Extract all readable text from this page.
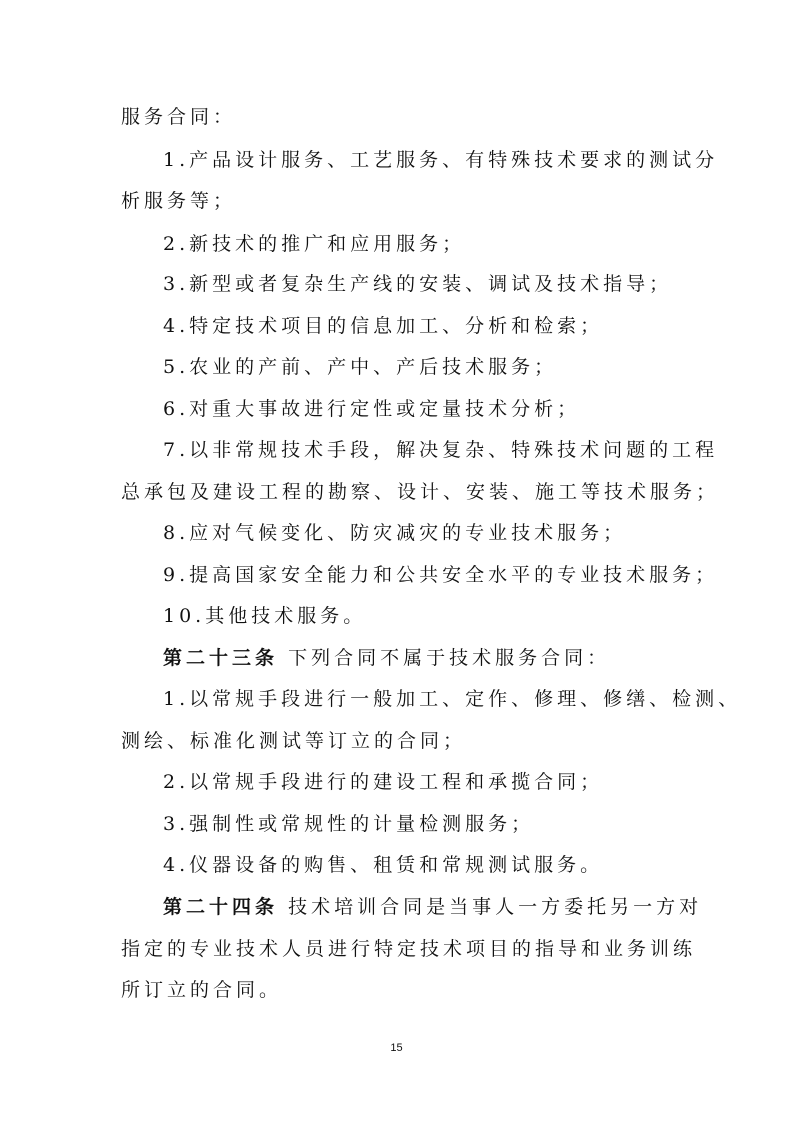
服务合同：
1.产品设计服务、工艺服务、有特殊技术要求的测试分
析服务等；
2.新技术的推广和应用服务；
3.新型或者复杂生产线的安装、调试及技术指导；
4.特定技术项目的信息加工、分析和检索；
5.农业的产前、产中、产后技术服务；
6.对重大事故进行定性或定量技术分析；
7.以非常规技术手段，解决复杂、特殊技术问题的工程
总承包及建设工程的勘察、设计、安装、施工等技术服务；
8.应对气候变化、防灾减灾的专业技术服务；
9.提高国家安全能力和公共安全水平的专业技术服务；
10.其他技术服务。
第二十三条 下列合同不属于技术服务合同：
1.以常规手段进行一般加工、定作、修理、修缮、检测、
测绘、标准化测试等订立的合同；
2.以常规手段进行的建设工程和承揽合同；
3.强制性或常规性的计量检测服务；
4.仪器设备的购售、租赁和常规测试服务。
第二十四条 技术培训合同是当事人一方委托另一方对
指定的专业技术人员进行特定技术项目的指导和业务训练
所订立的合同。
15
